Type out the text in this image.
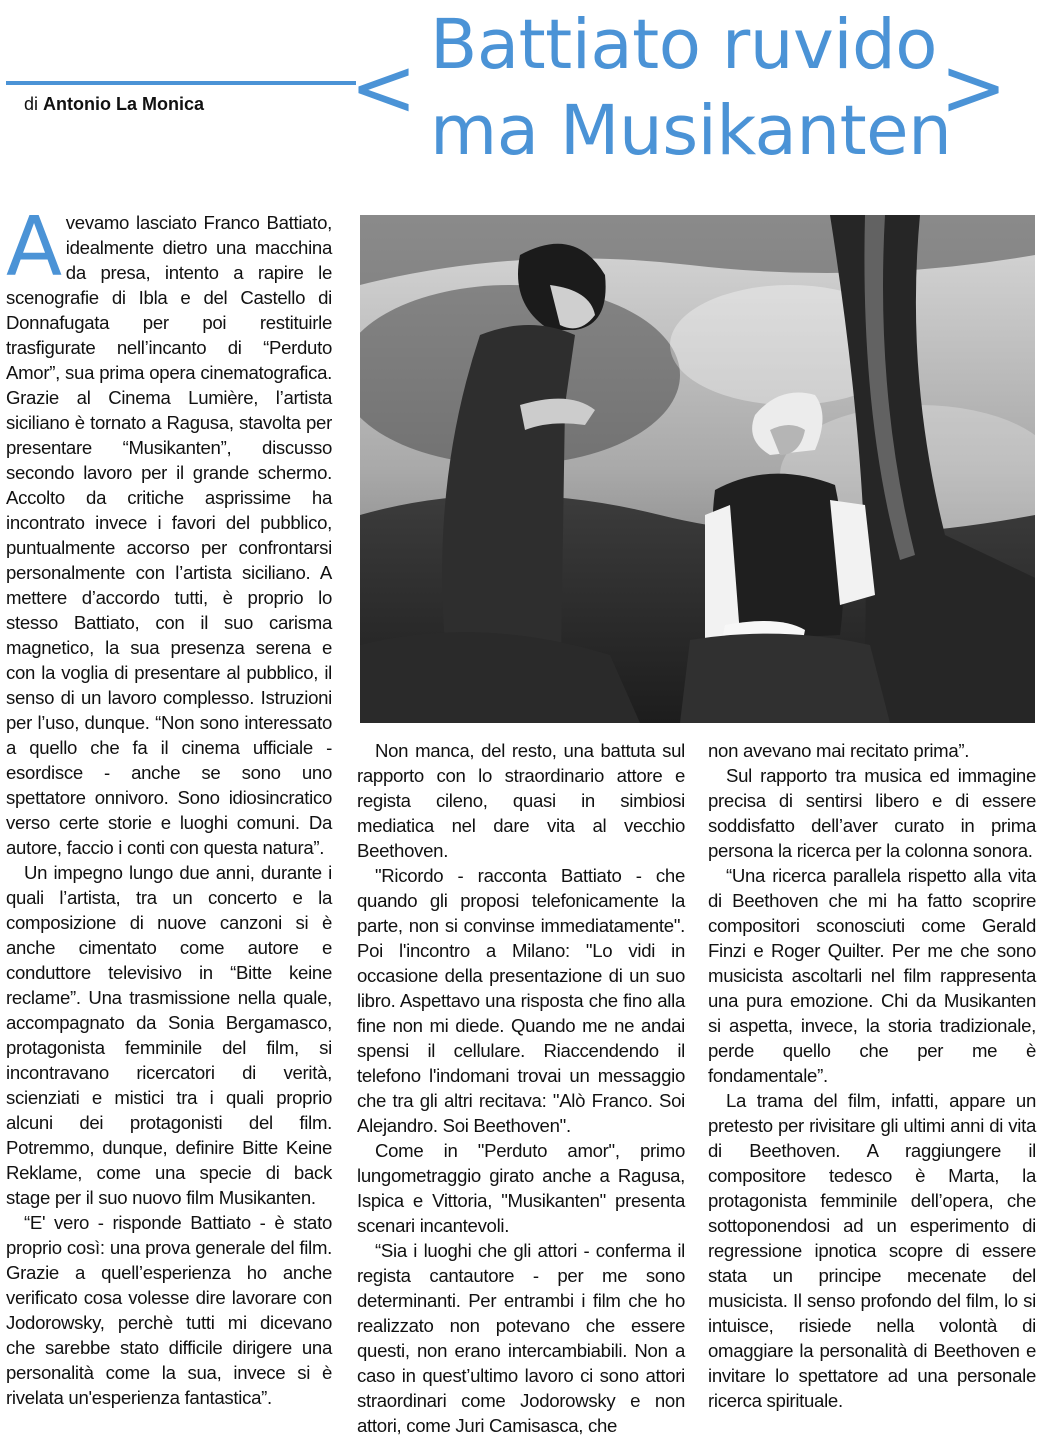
<	>
Battiato ruvido
ma Musikanten
di Antonio La Monica

Avevamo lasciato Franco Battiato, idealmente dietro una macchina da presa, intento a rapire le scenografie di Ibla e del Castello di Donnafugata per poi restituirle trasfigurate nell’incanto di “Perduto Amor”, sua prima opera cinematografica. Grazie al Cinema Lumière, l’artista siciliano è tornato a Ragusa, stavolta per presentare “Musikanten”, discusso secondo lavoro per il grande schermo. Accolto da critiche asprissime ha incontrato invece i favori del pubblico, puntualmente accorso per confrontarsi personalmente con l’artista siciliano. A mettere d’accordo tutti, è proprio lo stesso Battiato, con il suo carisma magnetico, la sua presenza serena e con la voglia di presentare al pubblico, il senso di un lavoro complesso. Istruzioni per l’uso, dunque. “Non sono interessato a quello che fa il cinema ufficiale - esordisce - anche se sono uno spettatore onnivoro. Sono idiosincratico verso certe storie e luoghi comuni. Da autore, faccio i conti con questa natura”.

Un impegno lungo due anni, durante i quali l’artista, tra un concerto e la composizione di nuove canzoni si è anche cimentato come autore e conduttore televisivo in “Bitte keine reclame”. Una trasmissione nella quale, accompagnato da Sonia Bergamasco, protagonista femminile del film, si incontravano ricercatori di verità, scienziati e mistici tra i quali proprio alcuni dei protagonisti del film. Potremmo, dunque, definire Bitte Keine Reklame, come una specie di back stage per il suo nuovo film Musikanten.

“E' vero - risponde Battiato - è stato proprio così: una prova generale del film. Grazie a quell’esperienza ho anche verificato cosa volesse dire lavorare con Jodorowsky, perchè tutti mi dicevano che sarebbe stato difficile dirigere una personalità come la sua, invece si è rivelata un'esperienza fantastica”.

Non manca, del resto, una battuta sul rapporto con lo straordinario attore e regista cileno, quasi in simbiosi mediatica nel dare vita al vecchio Beethoven.

"Ricordo - racconta Battiato - che quando gli proposi telefonicamente la parte, non si convinse immediatamente". Poi l'incontro a Milano: "Lo vidi in occasione della presentazione di un suo libro. Aspettavo una risposta che fino alla fine non mi diede. Quando me ne andai spensi il cellulare. Riaccendendo il telefono l'indomani trovai un messaggio che tra gli altri recitava: "Alò Franco. Soi Alejandro. Soi Beethoven".

Come in "Perduto amor", primo lungometraggio girato anche a Ragusa, Ispica e Vittoria, "Musikanten" presenta scenari incantevoli.

“Sia i luoghi che gli attori - conferma il regista cantautore - per me sono determinanti. Per entrambi i film che ho realizzato non potevano che essere questi, non erano intercambiabili. Non a caso in quest’ultimo lavoro ci sono attori straordinari come Jodorowsky e non attori, come Juri Camisasca, che

non avevano mai recitato prima”.

Sul rapporto tra musica ed immagine precisa di sentirsi libero e di essere soddisfatto dell’aver curato in prima persona la ricerca per la colonna sonora.

“Una ricerca parallela rispetto alla vita di Beethoven che mi ha fatto scoprire compositori sconosciuti come Gerald Finzi e Roger Quilter. Per me che sono musicista ascoltarli nel film rappresenta una pura emozione. Chi da Musikanten si aspetta, invece, la storia tradizionale, perde quello che per me è fondamentale”.

La trama del film, infatti, appare un pretesto per rivisitare gli ultimi anni di vita di Beethoven. A raggiungere il compositore tedesco è Marta, la protagonista femminile dell’opera, che sottoponendosi ad un esperimento di regressione ipnotica scopre di essere stata un principe mecenate del musicista. Il senso profondo del film, lo si intuisce, risiede nella volontà di omaggiare la personalità di Beethoven e invitare lo spettatore ad una personale ricerca spirituale.
